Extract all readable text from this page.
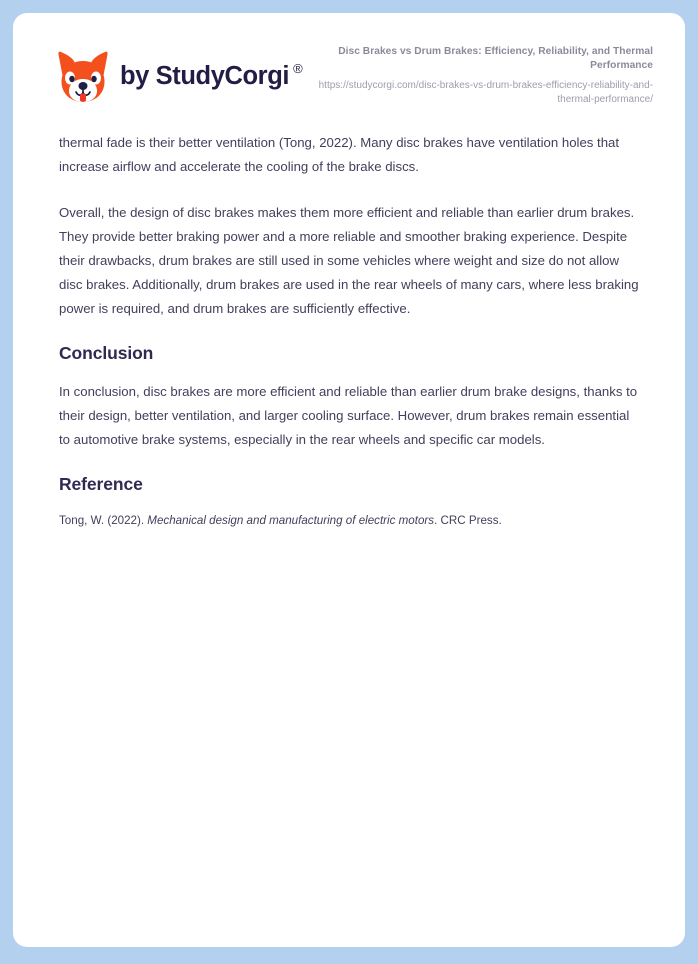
by StudyCorgi ®
Disc Brakes vs Drum Brakes: Efficiency, Reliability, and Thermal Performance
https://studycorgi.com/disc-brakes-vs-drum-brakes-efficiency-reliability-and-thermal-performance/

thermal fade is their better ventilation (Tong, 2022). Many disc brakes have ventilation holes that increase airflow and accelerate the cooling of the brake discs.

Overall, the design of disc brakes makes them more efficient and reliable than earlier drum brakes. They provide better braking power and a more reliable and smoother braking experience. Despite their drawbacks, drum brakes are still used in some vehicles where weight and size do not allow disc brakes. Additionally, drum brakes are used in the rear wheels of many cars, where less braking power is required, and drum brakes are sufficiently effective.

Conclusion

In conclusion, disc brakes are more efficient and reliable than earlier drum brake designs, thanks to their design, better ventilation, and larger cooling surface. However, drum brakes remain essential to automotive brake systems, especially in the rear wheels and specific car models.

Reference

Tong, W. (2022). Mechanical design and manufacturing of electric motors. CRC Press.
